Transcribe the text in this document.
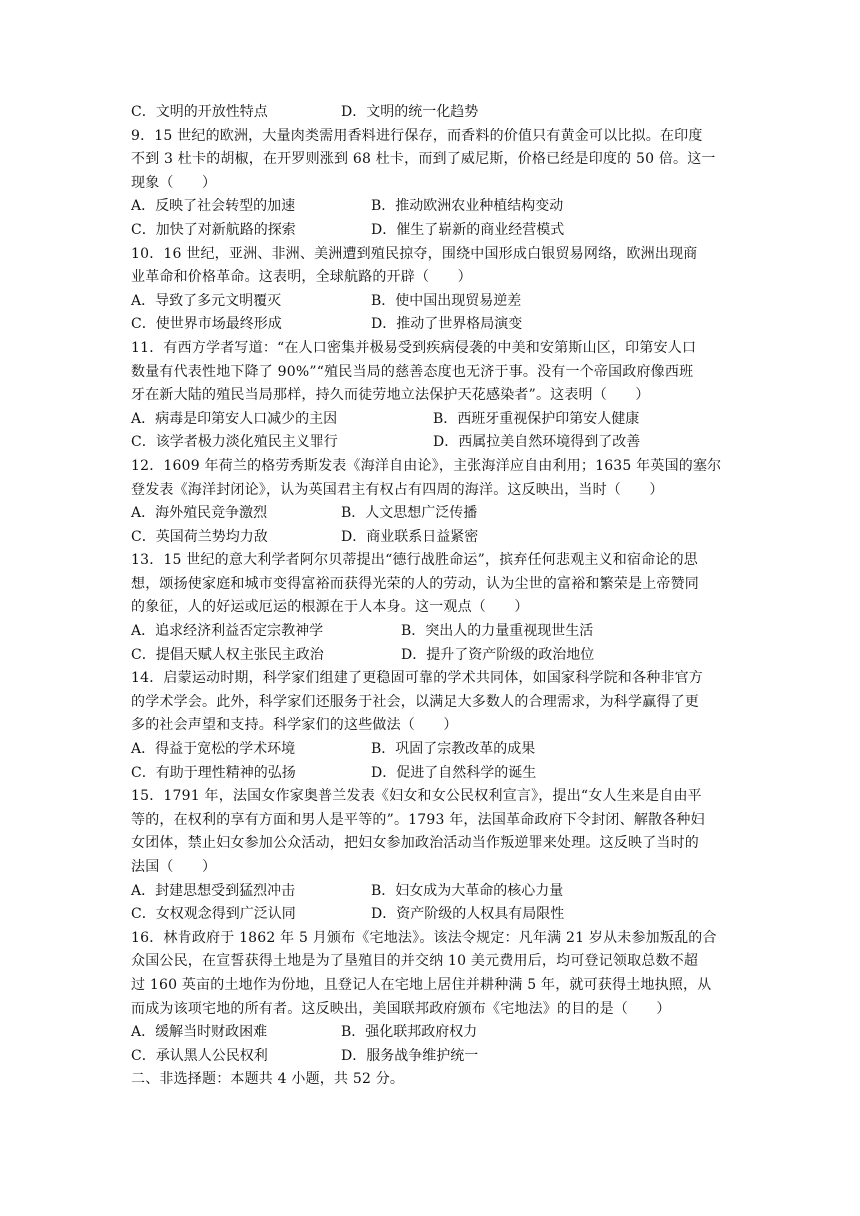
C．文明的开放性特点	D．文明的统一化趋势
9．15 世纪的欧洲，大量肉类需用香料进行保存，而香料的价值只有黄金可以比拟。在印度
不到 3 杜卡的胡椒，在开罗则涨到 68 杜卡，而到了威尼斯，价格已经是印度的 50 倍。这一
现象（　　）
A．反映了社会转型的加速	B．推动欧洲农业种植结构变动
C．加快了对新航路的探索	D．催生了崭新的商业经营模式
10．16 世纪，亚洲、非洲、美洲遭到殖民掠夺，围绕中国形成白银贸易网络，欧洲出现商
业革命和价格革命。这表明，全球航路的开辟（　　）
A．导致了多元文明覆灭	B．使中国出现贸易逆差
C．使世界市场最终形成	D．推动了世界格局演变
11．有西方学者写道：“在人口密集并极易受到疾病侵袭的中美和安第斯山区，印第安人口
数量有代表性地下降了 90%”“殖民当局的慈善态度也无济于事。没有一个帝国政府像西班
牙在新大陆的殖民当局那样，持久而徒劳地立法保护天花感染者”。这表明（　　）
A．病毒是印第安人口减少的主因	B．西班牙重视保护印第安人健康
C．该学者极力淡化殖民主义罪行	D．西属拉美自然环境得到了改善
12．1609 年荷兰的格劳秀斯发表《海洋自由论》，主张海洋应自由利用；1635 年英国的塞尔
登发表《海洋封闭论》，认为英国君主有权占有四周的海洋。这反映出，当时（　　）
A．海外殖民竞争激烈	B．人文思想广泛传播
C．英国荷兰势均力敌	D．商业联系日益紧密
13．15 世纪的意大利学者阿尔贝蒂提出“德行战胜命运”，摈弃任何悲观主义和宿命论的思
想，颂扬使家庭和城市变得富裕而获得光荣的人的劳动，认为尘世的富裕和繁荣是上帝赞同
的象征，人的好运或厄运的根源在于人本身。这一观点（　　）
A．追求经济利益否定宗教神学	B．突出人的力量重视现世生活
C．提倡天赋人权主张民主政治	D．提升了资产阶级的政治地位
14．启蒙运动时期，科学家们组建了更稳固可靠的学术共同体，如国家科学院和各种非官方
的学术学会。此外，科学家们还服务于社会，以满足大多数人的合理需求，为科学赢得了更
多的社会声望和支持。科学家们的这些做法（　　）
A．得益于宽松的学术环境	B．巩固了宗教改革的成果
C．有助于理性精神的弘扬	D．促进了自然科学的诞生
15．1791 年，法国女作家奥普兰发表《妇女和女公民权利宣言》，提出“女人生来是自由平
等的，在权利的享有方面和男人是平等的”。1793 年，法国革命政府下令封闭、解散各种妇
女团体，禁止妇女参加公众活动，把妇女参加政治活动当作叛逆罪来处理。这反映了当时的
法国（　　）
A．封建思想受到猛烈冲击	B．妇女成为大革命的核心力量
C．女权观念得到广泛认同	D．资产阶级的人权具有局限性
16．林肯政府于 1862 年 5 月颁布《宅地法》。该法令规定：凡年满 21 岁从未参加叛乱的合
众国公民，在宣誓获得土地是为了垦殖目的并交纳 10 美元费用后，均可登记领取总数不超
过 160 英亩的土地作为份地，且登记人在宅地上居住并耕种满 5 年，就可获得土地执照，从
而成为该项宅地的所有者。这反映出，美国联邦政府颁布《宅地法》的目的是（　　）
A．缓解当时财政困难	B．强化联邦政府权力
C．承认黑人公民权利	D．服务战争维护统一
二、非选择题：本题共 4 小题，共 52 分。
